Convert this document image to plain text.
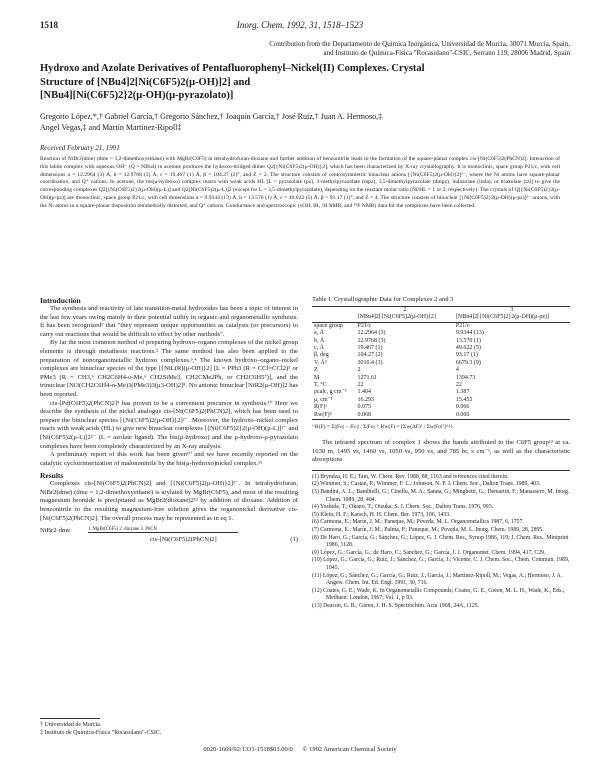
1518	Inorg. Chem. 1992, 31, 1518–1523
Contribution from the Departamento de Química Inorgánica, Universidad de Murcia, 30071 Murcia, Spain,
and Instituto de Química-Física "Rocasolano"-CSIC, Serrano 119, 28006 Madrid, Spain
Hydroxo and Azolate Derivatives of Pentafluorophenyl–Nickel(II) Complexes. Crystal
Structure of [NBu4]2[Ni(C6F5)2(μ-OH)]2] and
[NBu4][Ni(C6F5)2}2(μ-OH)(μ-pyrazolato)]
Gregorio López,*,† Gabriel García,† Gregorio Sánchez,† Joaquín García,† José Ruiz,† Juan A. Hermoso,‡
Angel Vegas,‡ and Martín Martínez-Ripoll‡
Received February 21, 1991
Reaction of NiBr2(dme) (dme = 1,2-dimethoxyethane) with MgBr(C6F5) in tetrahydrofuran-dioxane and further addition of benzonitrile leads to the formation of the square-planar complex cis-[Ni(C6F5)2(PhCN)2]. Interaction of this labile complex with aqueous OH⁻ (Q = NBu4) in acetone produces the hydroxo-bridged dimer Q2[{Ni(C6F5)2(μ-OH)}2], which has been characterized by X-ray crystallography. It is monoclinic, space group P21/c, with cell dimensions a = 12.2964 (3) Å, b = 12.9768 (3) Å, c = 19.467 (1) Å, β = 104.27 (2)°, and Z = 2. The structure consists of centrosymmetric binuclear anions [{Ni(C6F5)2(μ-OH)}2]²⁻, where the Ni atoms have square-planar coordination, and Q⁺ cations. In acetone, the bis(μ-hydroxo) complex reacts with weak acids HL [L = pyrazolate (pz), 3-methylpyrazolate (mpz), 3,5-dimethylpyrazolate (dmpz), indazolate (inda), or triazolate (tz)] to give the corresponding complexes Q2[{Ni(C6F5)2}2(μ-OH)(μ-L)] and Q2[Ni(C6F5)2(μ-L)]2 (except for L = 3,5-dimethylpyrazolate), depending on the reactant molar ratio (Ni/HL = 1 or 2, respectively). The crystals of Q[{Ni(C6F5)2}2(μ-OH)(μ-pz)] are monoclinic, space group P21/c, with cell dimensions a = 9.9344 (13) Å, b = 13.570 (1) Å, c = 49.622 (5) Å, β = 93.17 (1)°, and Z = 4. The structure consists of binuclear [{Ni(C6F5)2}2(μ-OH)(μ-pz)]²⁻ anions, with the Ni atoms in a square-planar disposition tetrahedrally distorted, and Q⁺ cations. Conductance and spectroscopic (νOH, IR, ¹H NMR, and ¹⁹F NMR) data for the complexes have been collected.
Introduction

The synthesis and reactivity of late transition-metal hydroxides has been a topic of interest in the last few years owing mainly to their potential utility in organic and organometallic synthesis. It has been recognized¹ that "they represent unique opportunities as catalysts (or precursors) to carry out reactions that would be difficult to effect by other methods".

By far the most common method of preparing hydroxo–organo complexes of the nickel group elements is through metathesis reactions.² The same method has also been applied to the preparation of nonorganometallic hydroxo complexes.³,⁴ The known hydroxo–organo–nickel complexes are binuclear species of the type [{NiL(R)(μ-OH)}2] [L = PPh3 (R = CCl=CCl2)⁵ or PMe3 (R = CH3,⁶ CH2C6H4-o-Me,⁶ CH2SiMe3, CH2CMe2Ph, or CH2C6H5⁷)], and the trinuclear [Ni3(CH2C6H4-o-Me)3(PMe3)3(μ3-OH)2]⁸. No anionic binuclear [NiR2(μ-OH)]2 has been reported.

cis-[Pd(C6F5)2(PhCN)2]⁹ has proven to be a convenient precursor in synthesis.¹⁰ Here we describe the synthesis of the nickel analogue cis-[Ni(C6F5)2(PhCN)2], which has been used to prepare the binuclear species [{Ni(C6F5)2(μ-OH)}2]²⁻. Moreover, the hydroxo–nickel complex reacts with weak acids (HL) to give new binuclear complexes [{Ni(C6F5)2}2(μ-OH)(μ-L)]²⁻ and [Ni(C6F5)2(μ-L)]2²⁻ (L = azolate ligand). The bis(μ-hydroxo) and the μ-hydroxo-μ-pyrazolato complexes have been completely characterized by an X-ray analysis.

A preliminary report of this work has been given¹⁰ and we have recently reported on the catalytic cyclotrimerization of malononitrile by the bis(μ-hydroxo)nickel complex.¹¹

Results

Complexes cis-[Ni(C6F5)2(PhCN)2] and [{Ni(C6F5)2(μ-OH)}2]²⁻. In tetrahydrofuran, NiBr2(dme) (dme = 1,2-dimethoxyethane) is arylated by MgBr(C6F5), and most of the resulting magnesium bromide is precipitated as MgBr2(dioxane)2¹² by addition of dioxane. Addition of benzonitrile to the resulting magnesium-free solution gives the organonickel derivative cis-[Ni(C6F5)2(PhCN)2]. The overall process may be represented as in eq 1.

NiBr2·dme	1. MgBr(C6F5) 2. dioxane 3. PhCN
cis-[Ni(C6F5)2(PhCN)2]	(1)
† Universidad de Murcia.
‡ Instituto de Química-Física "Rocasolano"-CSIC.
Table I. Crystallographic Data for Complexes 2 and 3
	2	3
	[NBu4]2[{Ni(C6F5)2(μ-OH)}2]	[NBu4]2[{Ni(C6F5)2}2(μ-OH)(μ-pz)]
space group	P21/c	P21/c
a, Å	12.2964 (3)	9.9344 (13)
b, Å	12.9768 (3)	13.570 (1)
c, Å	19.467 (1)	49.622 (5)
β, deg	104.27 (2)	93.17 (1)
V, Å³	3010.4 (3)	6679.3 (9)
Z	2	4
M	1271.61	1394.73
T, °C	22	22
ρcalc, g cm⁻³	1.404	1.387
μ, cm⁻¹	16.293	15.455
R(F)ᵃ	0.075	0.066
Rw(F)ᵇ	0.068	0.060
ᵃ R(F) = Σ||Fo| − |Fc|| / Σ|Fo|. ᵇ Rw(F) = [Σw(ΔF)² / Σw|Fo|²]^½.

The infrared spectrum of complex 1 shows the bands attributed to the C6F5 group¹³ at ca. 1630 m, 1495 vs, 1460 vs, 1050 vs, 950 vs, and 785 br, s cm⁻¹, as well as the characteristic absorptions

(1) Bryndza, H. E.; Tam, W. Chem. Rev. 1988, 88, 1163 and references cited therein.
(2) Wimmer, S.; Castan, P.; Wimmer, F. L.; Johnson, N. P. J. Chem. Soc., Dalton Trans. 1989, 403.
(3) Bandini, A. L.; Banditelli, G.; Cinellu, M. A.; Sanna, G.; Minghetti, G.; Demartin, F.; Manassero, M. Inorg. Chem. 1989, 28, 404.
(4) Yoshida, T.; Okano, T.; Otsuka, S. J. Chem. Soc., Dalton Trans. 1976, 993.
(5) Klein, H. F.; Karsch, H. H. Chem. Ber. 1973, 106, 1433.
(6) Carmona, E.; Marín, J. M.; Paneque, M.; Poveda, M. L. Organometallics 1987, 6, 1757.
(7) Carmona, E.; Marín, J. M.; Palma, P.; Paneque, M.; Poveda, M. L. Inorg. Chem. 1989, 28, 2895.
(8) De Haro, G.; García, G.; Sánchez, G.; López, G. J. Chem. Res., Synop 1986, 119; J. Chem. Res., Miniprint 1986, 1128.
(9) López, G.; García, G.; de Haro, C.; Sánchez, G.; García, J. J. Organomet. Chem. 1994, 417, C29.
(10) López, G.; García, G.; Ruiz, J.; Sánchez, G.; García, J.; Vicente, C. J. Chem. Soc., Chem. Commun. 1989, 1045.
(11) López, G.; Sánchez, G.; García, G.; Ruiz, J.; García, J.; Martínez-Ripoll, M.; Vegas, A.; Hermoso, J. A. Angew. Chem. Int. Ed. Engl. 1991, 30, 716.
(12) Coates, G. E.; Wade, K. In Organometallic Compounds; Coates, G. E., Green, M. L. H., Wade, K., Eds.; Methuen: London, 1967; Vol. 1, p 93.
(13) Deacon, G. B.; Green, J. H. S. Spectrochim. Acta 1968, 24A, 1125.
0020-1669/92/1331-1518$03.00/0 © 1992 American Chemical Society
